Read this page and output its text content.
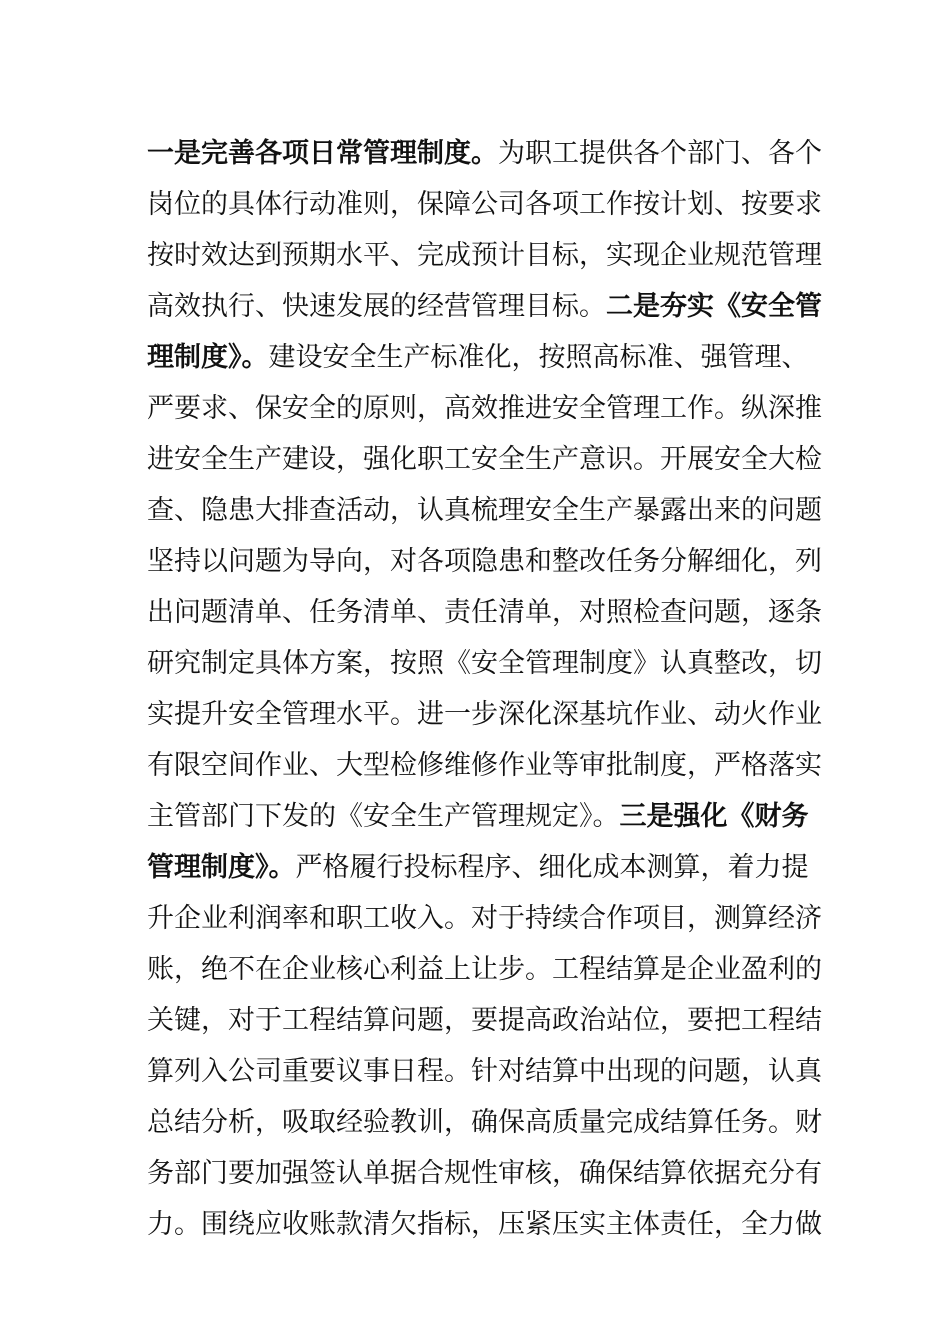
一是完善各项日常管理制度。为职工提供各个部门、各个
岗位的具体行动准则，保障公司各项工作按计划、按要求
按时效达到预期水平、完成预计目标，实现企业规范管理
高效执行、快速发展的经营管理目标。二是夯实《安全管
理制度》。建设安全生产标准化，按照高标准、强管理、
严要求、保安全的原则，高效推进安全管理工作。纵深推
进安全生产建设，强化职工安全生产意识。开展安全大检
查、隐患大排查活动，认真梳理安全生产暴露出来的问题
坚持以问题为导向，对各项隐患和整改任务分解细化，列
出问题清单、任务清单、责任清单，对照检查问题，逐条
研究制定具体方案，按照《安全管理制度》认真整改，切
实提升安全管理水平。进一步深化深基坑作业、动火作业
有限空间作业、大型检修维修作业等审批制度，严格落实
主管部门下发的《安全生产管理规定》。三是强化《财务
管理制度》。严格履行投标程序、细化成本测算，着力提
升企业利润率和职工收入。对于持续合作项目，测算经济
账，绝不在企业核心利益上让步。工程结算是企业盈利的
关键，对于工程结算问题，要提高政治站位，要把工程结
算列入公司重要议事日程。针对结算中出现的问题，认真
总结分析，吸取经验教训，确保高质量完成结算任务。财
务部门要加强签认单据合规性审核，确保结算依据充分有
力。围绕应收账款清欠指标，压紧压实主体责任，全力做
